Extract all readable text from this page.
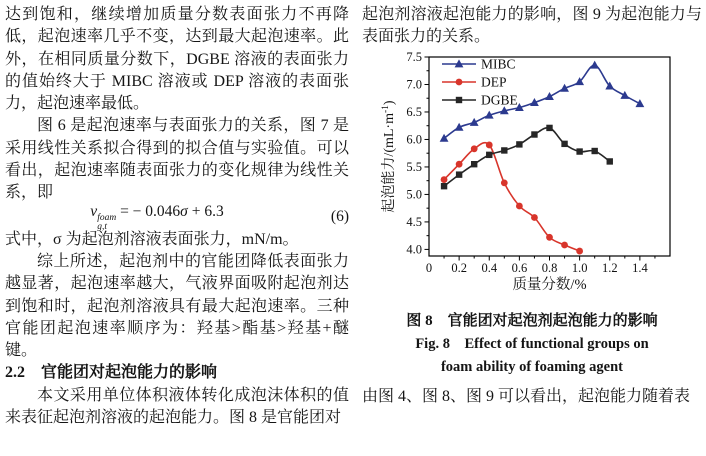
达到饱和，继续增加质量分数表面张力不再降低，起泡速率几乎不变，达到最大起泡速率。此外，在相同质量分数下，DGBE 溶液的表面张力的值始终大于 MIBC 溶液或 DEP 溶液的表面张力，起泡速率最低。

图 6 是起泡速率与表面张力的关系，图 7 是采用线性关系拟合得到的拟合值与实验值。可以看出，起泡速率随表面张力的变化规律为线性关系，即

v foam
g,t
= − 0.046σ + 6.3	(6)

式中，σ 为起泡剂溶液表面张力，mN/m。

综上所述，起泡剂中的官能团降低表面张力越显著，起泡速率越大，气液界面吸附起泡剂达到饱和时，起泡剂溶液具有最大起泡速率。三种官能团起泡速率顺序为：羟基>酯基>羟基+醚键。

2.2　官能团对起泡能力的影响

本文采用单位体积液体转化成泡沫体积的值来表征起泡剂溶液的起泡能力。图 8 是官能团对

起泡剂溶液起泡能力的影响，图 9 为起泡能力与表面张力的关系。

0 0.2 0.4 0.6 0.8 1.0 1.2 1.4
4.0
4.5
5.0
5.5
6.0
6.5
7.0
7.5
质量分数/%
起泡能力$/(mL\cdot m^{-1})$
MIBC
DEP
DGBE

图 8　官能团对起泡剂起泡能力的影响

Fig. 8　Effect of functional groups on

foam ability of foaming agent

由图 4、图 8、图 9 可以看出，起泡能力随着表
